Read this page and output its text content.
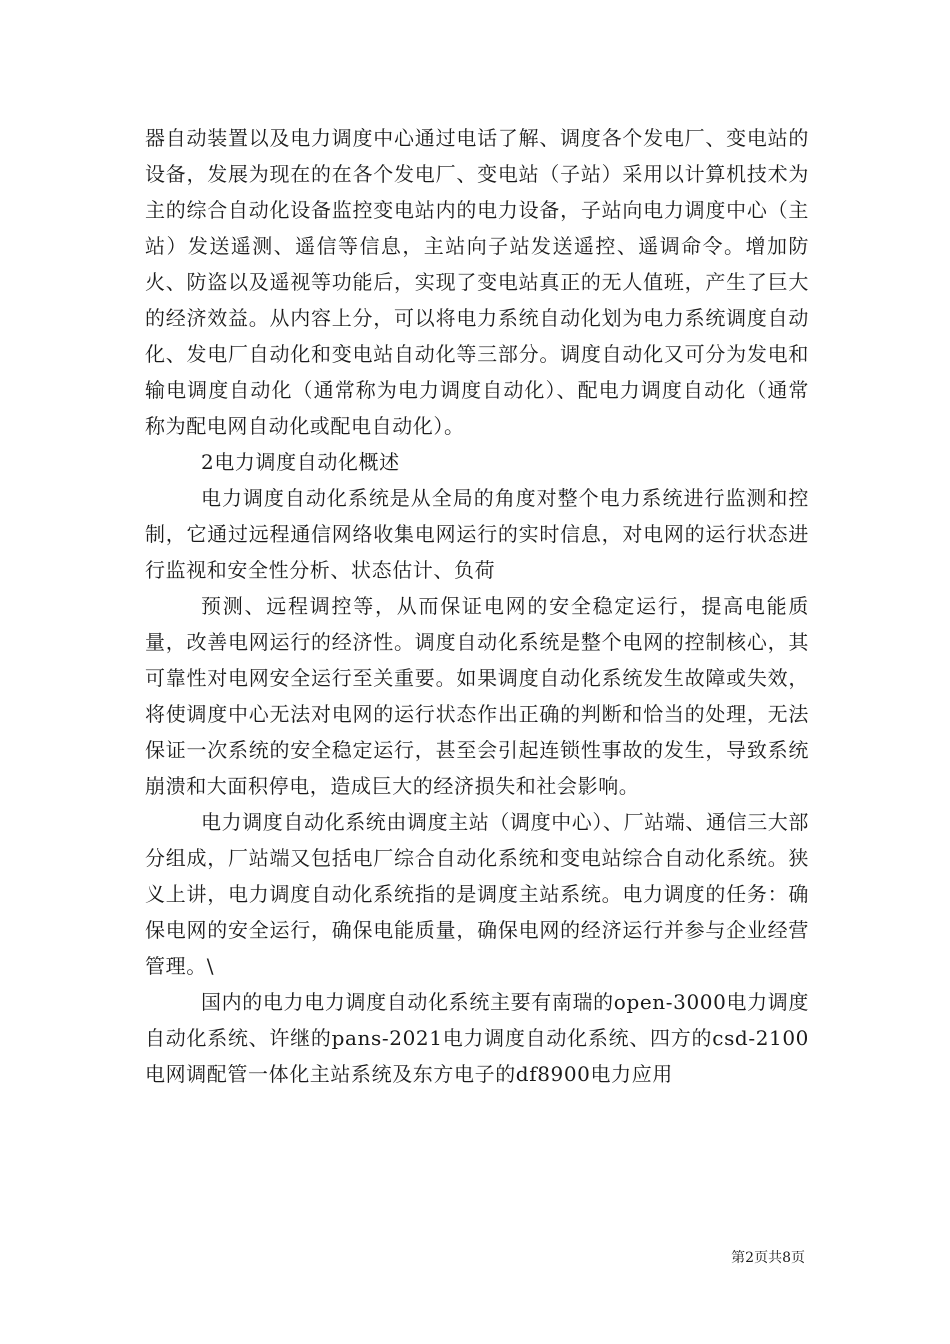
器自动装置以及电力调度中心通过电话了解、调度各个发电厂、变电站的设备，发展为现在的在各个发电厂、变电站（子站）采用以计算机技术为主的综合自动化设备监控变电站内的电力设备，子站向电力调度中心（主站）发送遥测、遥信等信息，主站向子站发送遥控、遥调命令。增加防火、防盗以及遥视等功能后，实现了变电站真正的无人值班，产生了巨大的经济效益。从内容上分，可以将电力系统自动化划为电力系统调度自动化、发电厂自动化和变电站自动化等三部分。调度自动化又可分为发电和输电调度自动化（通常称为电力调度自动化）、配电力调度自动化（通常称为配电网自动化或配电自动化）。

2电力调度自动化概述

电力调度自动化系统是从全局的角度对整个电力系统进行监测和控制，它通过远程通信网络收集电网运行的实时信息，对电网的运行状态进行监视和安全性分析、状态估计、负荷

预测、远程调控等，从而保证电网的安全稳定运行，提高电能质量，改善电网运行的经济性。调度自动化系统是整个电网的控制核心，其可靠性对电网安全运行至关重要。如果调度自动化系统发生故障或失效，将使调度中心无法对电网的运行状态作出正确的判断和恰当的处理，无法保证一次系统的安全稳定运行，甚至会引起连锁性事故的发生，导致系统崩溃和大面积停电，造成巨大的经济损失和社会影响。

电力调度自动化系统由调度主站（调度中心）、厂站端、通信三大部分组成，厂站端又包括电厂综合自动化系统和变电站综合自动化系统。狭义上讲，电力调度自动化系统指的是调度主站系统。电力调度的任务：确保电网的安全运行，确保电能质量，确保电网的经济运行并参与企业经营管理。\

国内的电力电力调度自动化系统主要有南瑞的open-3000电力调度自动化系统、许继的pans-2021电力调度自动化系统、四方的csd-2100电网调配管一体化主站系统及东方电子的df8900电力应用

第2页共8页
